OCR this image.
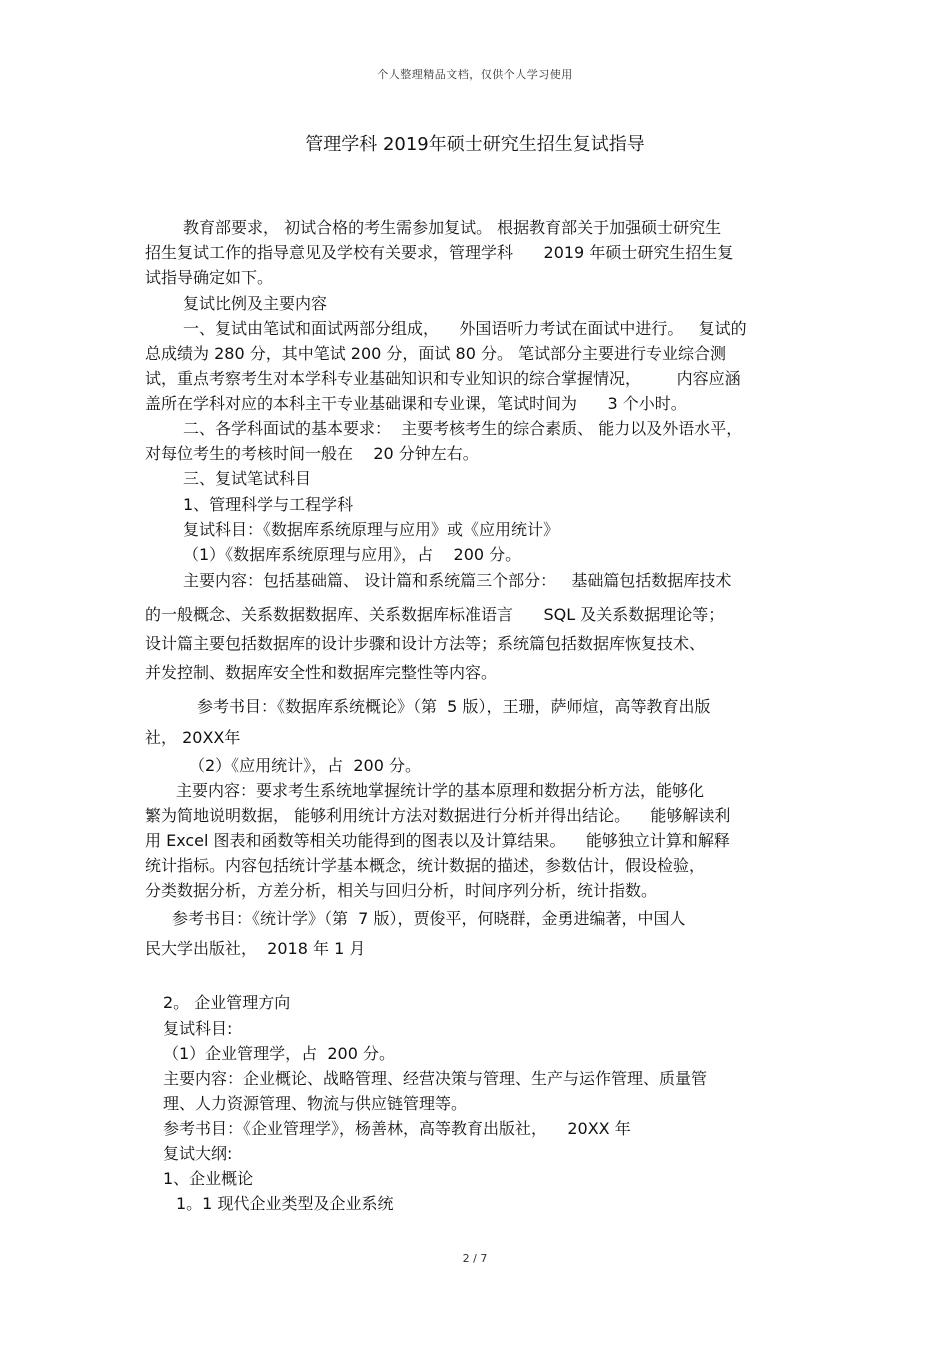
个人整理精品文档，仅供个人学习使用
管理学科 2019年硕士研究生招生复试指导
教育部要求， 初试合格的考生需参加复试。 根据教育部关于加强硕士研究生
招生复试工作的指导意见及学校有关要求，管理学科      2019 年硕士研究生招生复
试指导确定如下。
复试比例及主要内容
一、复试由笔试和面试两部分组成，    外国语听力考试在面试中进行。   复试的
总成绩为 280 分，其中笔试 200 分，面试 80 分。 笔试部分主要进行专业综合测
试，重点考察考生对本学科专业基础知识和专业知识的综合掌握情况，       内容应涵
盖所在学科对应的本科主干专业基础课和专业课，笔试时间为      3 个小时。
二、各学科面试的基本要求：  主要考核考生的综合素质、 能力以及外语水平，
对每位考生的考核时间一般在    20 分钟左右。
三、复试笔试科目
1、管理科学与工程学科
复试科目：《数据库系统原理与应用》或《应用统计》
（1）《数据库系统原理与应用》，占    200 分。
主要内容：包括基础篇、 设计篇和系统篇三个部分：   基础篇包括数据库技术
的一般概念、关系数据数据库、关系数据库标准语言      SQL 及关系数据理论等；
设计篇主要包括数据库的设计步骤和设计方法等；系统篇包括数据库恢复技术、
并发控制、数据库安全性和数据库完整性等内容。
参考书目：《数据库系统概论》（第  5 版），王珊，萨师煊，高等教育出版
社， 20XX年
（2）《应用统计》，占  200 分。
主要内容：要求考生系统地掌握统计学的基本原理和数据分析方法，能够化
繁为简地说明数据， 能够利用统计方法对数据进行分析并得出结论。    能够解读利
用 Excel 图表和函数等相关功能得到的图表以及计算结果。    能够独立计算和解释
统计指标。内容包括统计学基本概念，统计数据的描述，参数估计，假设检验，
分类数据分析，方差分析，相关与回归分析，时间序列分析，统计指数。
参考书目：《统计学》（第  7 版），贾俊平，何晓群，金勇进编著，中国人
民大学出版社，  2018 年 1 月
2。 企业管理方向
复试科目:
（1）企业管理学，占  200 分。
主要内容：企业概论、战略管理、经营决策与管理、生产与运作管理、质量管
理、人力资源管理、物流与供应链管理等。
参考书目：《企业管理学》，杨善林，高等教育出版社，    20XX 年
复试大纲:
1、企业概论
1。1 现代企业类型及企业系统
2 / 7
